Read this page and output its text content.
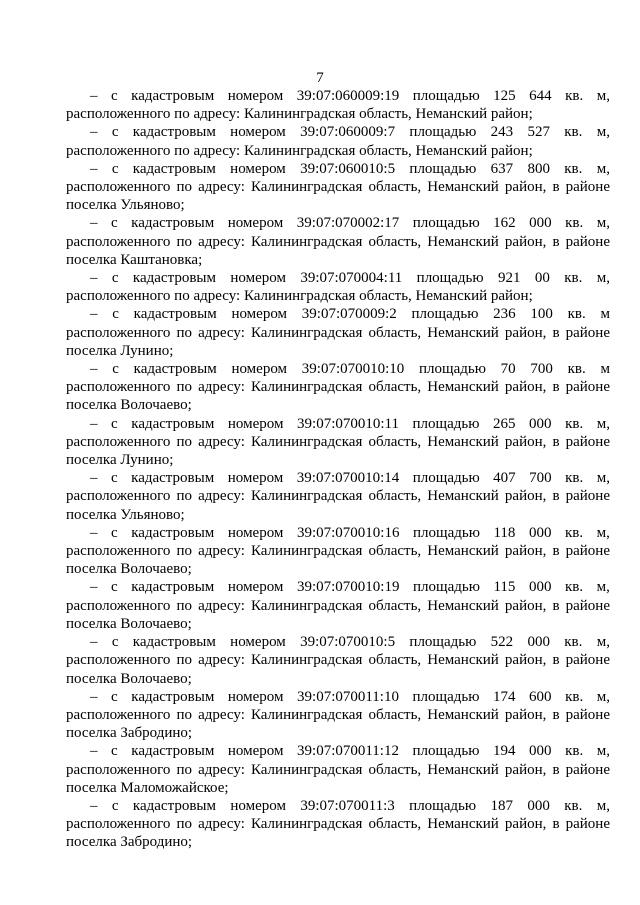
7
– с кадастровым номером 39:07:060009:19 площадью 125 644 кв. м,
расположенного по адресу: Калининградская область, Неманский район;
– с кадастровым номером 39:07:060009:7 площадью 243 527 кв. м,
расположенного по адресу: Калининградская область, Неманский район;
– с кадастровым номером 39:07:060010:5 площадью 637 800 кв. м,
расположенного по адресу: Калининградская область, Неманский район, в районе
поселка Ульяново;
– с кадастровым номером 39:07:070002:17 площадью 162 000 кв. м,
расположенного по адресу: Калининградская область, Неманский район, в районе
поселка Каштановка;
– с кадастровым номером 39:07:070004:11 площадью 921 00 кв. м,
расположенного по адресу: Калининградская область, Неманский район;
– с кадастровым номером 39:07:070009:2 площадью 236 100 кв. м
расположенного по адресу: Калининградская область, Неманский район, в районе
поселка Лунино;
– с кадастровым номером 39:07:070010:10 площадью 70 700 кв. м
расположенного по адресу: Калининградская область, Неманский район, в районе
поселка Волочаево;
– с кадастровым номером 39:07:070010:11 площадью 265 000 кв. м,
расположенного по адресу: Калининградская область, Неманский район, в районе
поселка Лунино;
– с кадастровым номером 39:07:070010:14 площадью 407 700 кв. м,
расположенного по адресу: Калининградская область, Неманский район, в районе
поселка Ульяново;
– с кадастровым номером 39:07:070010:16 площадью 118 000 кв. м,
расположенного по адресу: Калининградская область, Неманский район, в районе
поселка Волочаево;
– с кадастровым номером 39:07:070010:19 площадью 115 000 кв. м,
расположенного по адресу: Калининградская область, Неманский район, в районе
поселка Волочаево;
– с кадастровым номером 39:07:070010:5 площадью 522 000 кв. м,
расположенного по адресу: Калининградская область, Неманский район, в районе
поселка Волочаево;
– с кадастровым номером 39:07:070011:10 площадью 174 600 кв. м,
расположенного по адресу: Калининградская область, Неманский район, в районе
поселка Забродино;
– с кадастровым номером 39:07:070011:12 площадью 194 000 кв. м,
расположенного по адресу: Калининградская область, Неманский район, в районе
поселка Маломожайское;
– с кадастровым номером 39:07:070011:3 площадью 187 000 кв. м,
расположенного по адресу: Калининградская область, Неманский район, в районе
поселка Забродино;
